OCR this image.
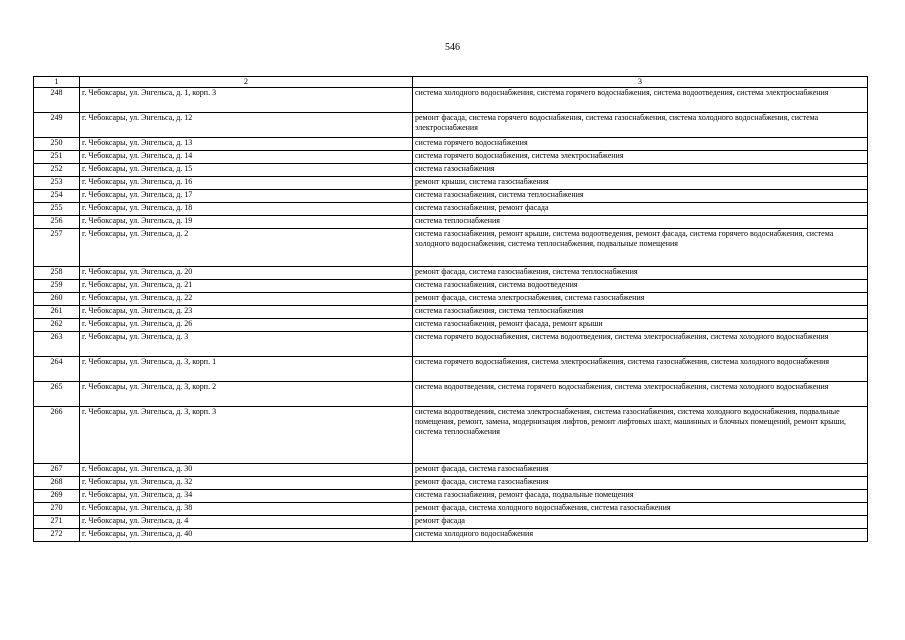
546
1	2	3
248	г. Чебоксары, ул. Энгельса, д. 1, корп. 3	система холодного водоснабжения, система горячего водоснабжения, система водоотведения, система электроснабжения
249	г. Чебоксары, ул. Энгельса, д. 12	ремонт фасада, система горячего водоснабжения, система газоснабжения, система холодного водоснабжения, система электроснабжения
250	г. Чебоксары, ул. Энгельса, д. 13	система горячего водоснабжения
251	г. Чебоксары, ул. Энгельса, д. 14	система горячего водоснабжения, система электроснабжения
252	г. Чебоксары, ул. Энгельса, д. 15	система газоснабжения
253	г. Чебоксары, ул. Энгельса, д. 16	ремонт крыши, система газоснабжения
254	г. Чебоксары, ул. Энгельса, д. 17	система газоснабжения, система теплоснабжения
255	г. Чебоксары, ул. Энгельса, д. 18	система газоснабжения, ремонт фасада
256	г. Чебоксары, ул. Энгельса, д. 19	система теплоснабжения
257	г. Чебоксары, ул. Энгельса, д. 2	система газоснабжения, ремонт крыши, система водоотведения, ремонт фасада, система горячего водоснабжения, система холодного водоснабжения, система теплоснабжения, подвальные помещения
258	г. Чебоксары, ул. Энгельса, д. 20	ремонт фасада, система газоснабжения, система теплоснабжения
259	г. Чебоксары, ул. Энгельса, д. 21	система газоснабжения, система водоотведения
260	г. Чебоксары, ул. Энгельса, д. 22	ремонт фасада, система электроснабжения, система газоснабжения
261	г. Чебоксары, ул. Энгельса, д. 23	система газоснабжения, система теплоснабжения
262	г. Чебоксары, ул. Энгельса, д. 26	система газоснабжения, ремонт фасада, ремонт крыши
263	г. Чебоксары, ул. Энгельса, д. 3	система горячего водоснабжения, система водоотведения, система электроснабжения, система холодного водоснабжения
264	г. Чебоксары, ул. Энгельса, д. 3, корп. 1	система горячего водоснабжения, система электроснабжения, система газоснабжения, система холодного водоснабжения
265	г. Чебоксары, ул. Энгельса, д. 3, корп. 2	система водоотведения, система горячего водоснабжения, система электроснабжения, система холодного водоснабжения
266	г. Чебоксары, ул. Энгельса, д. 3, корп. 3	система водоотведения, система электроснабжения, система газоснабжения, система холодного водоснабжения, подвальные помещения, ремонт, замена, модернизация лифтов, ремонт лифтовых шахт, машинных и блочных помещений, ремонт крыши, система теплоснабжения
267	г. Чебоксары, ул. Энгельса, д. 30	ремонт фасада, система газоснабжения
268	г. Чебоксары, ул. Энгельса, д. 32	ремонт фасада, система газоснабжения
269	г. Чебоксары, ул. Энгельса, д. 34	система газоснабжения, ремонт фасада, подвальные помещения
270	г. Чебоксары, ул. Энгельса, д. 38	ремонт фасада, система холодного водоснабжения, система газоснабжения
271	г. Чебоксары, ул. Энгельса, д. 4	ремонт фасада
272	г. Чебоксары, ул. Энгельса, д. 40	система холодного водоснабжения
